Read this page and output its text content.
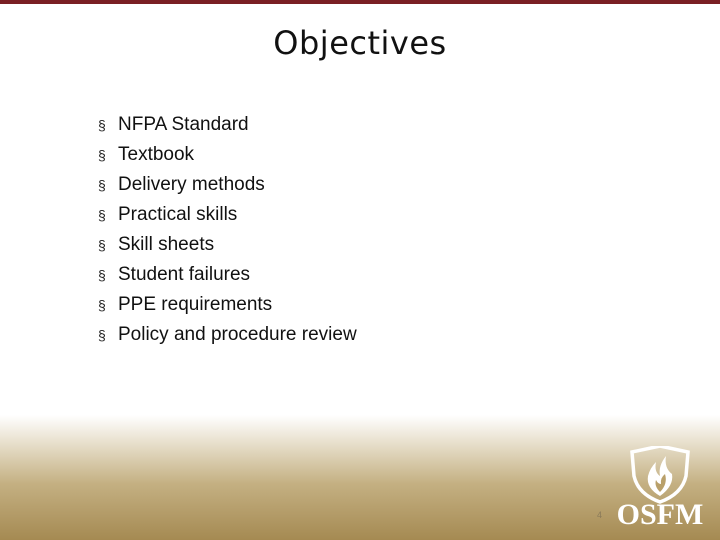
Objectives
§ NFPA Standard
§ Textbook
§ Delivery methods
§ Practical skills
§ Skill sheets
§ Student failures
§ PPE requirements
§ Policy and procedure review
4 OSFM
